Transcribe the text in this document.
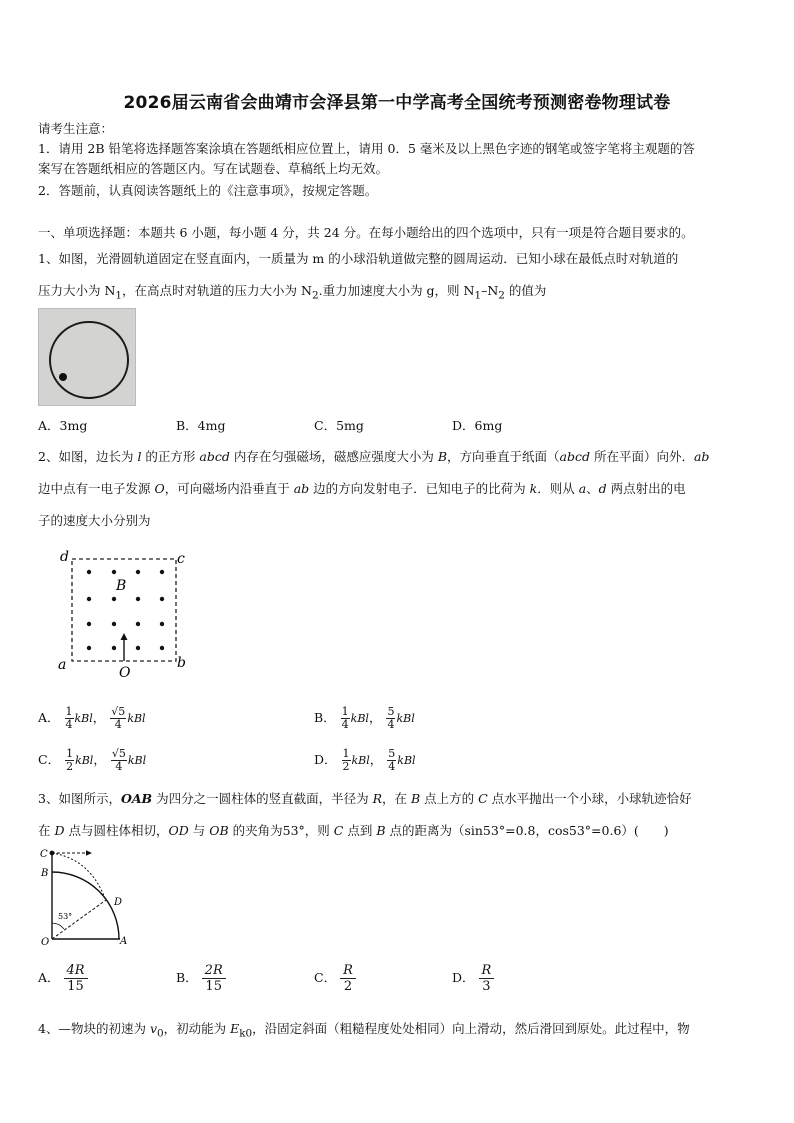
2026届云南省会曲靖市会泽县第一中学高考全国统考预测密卷物理试卷
请考生注意：
1．请用 2B 铅笔将选择题答案涂填在答题纸相应位置上，请用 0．5 毫米及以上黑色字迹的钢笔或签字笔将主观题的答
案写在答题纸相应的答题区内。写在试题卷、草稿纸上均无效。
2．答题前，认真阅读答题纸上的《注意事项》，按规定答题。
一、单项选择题：本题共 6 小题，每小题 4 分，共 24 分。在每小题给出的四个选项中，只有一项是符合题目要求的。
1、如图，光滑圆轨道固定在竖直面内，一质量为 m 的小球沿轨道做完整的圆周运动．已知小球在最低点时对轨道的
压力大小为 $N_1$，在高点时对轨道的压力大小为 $N_2$.重力加速度大小为 g，则 $N_1-N_2$ 的值为
A．3mg	B．4mg	C．5mg	D．6mg
2、如图，边长为 l 的正方形 abcd 内存在匀强磁场，磁感应强度大小为 B，方向垂直于纸面（abcd 所在平面）向外．ab
边中点有一电子发源 O，可向磁场内沿垂直于 ab 边的方向发射电子．已知电子的比荷为 k．则从 a、d 两点射出的电
子的速度大小分别为
d	c
a	b
B
O
A． $\frac{1}{4}$ kBl， $\frac{√5}{4}$ kBl	B． $\frac{1}{4}$ kBl， $\frac{5}{4}$ kBl
C． $\frac{1}{2}$ kBl， $\frac{√5}{4}$ kBl	D． $\frac{1}{2}$ kBl， $\frac{5}{4}$ kBl
3、如图所示，OAB 为四分之一圆柱体的竖直截面，半径为 R，在 B 点上方的 C 点水平抛出一个小球，小球轨迹恰好
在 D 点与圆柱体相切，OD 与 OB 的夹角为53°，则 C 点到 B 点的距离为（sin53°=0.8，cos53°=0.6）(　　)
C
B
D
O	A
53°
A． $\frac{4R}{15}$	B． $\frac{2R}{15}$	C． $\frac{R}{2}$	D． $\frac{R}{3}$
4、—物块的初速为 $v_0$，初动能为 $E_{k0}$，沿固定斜面（粗糙程度处处相同）向上滑动，然后滑回到原处。此过程中，物
